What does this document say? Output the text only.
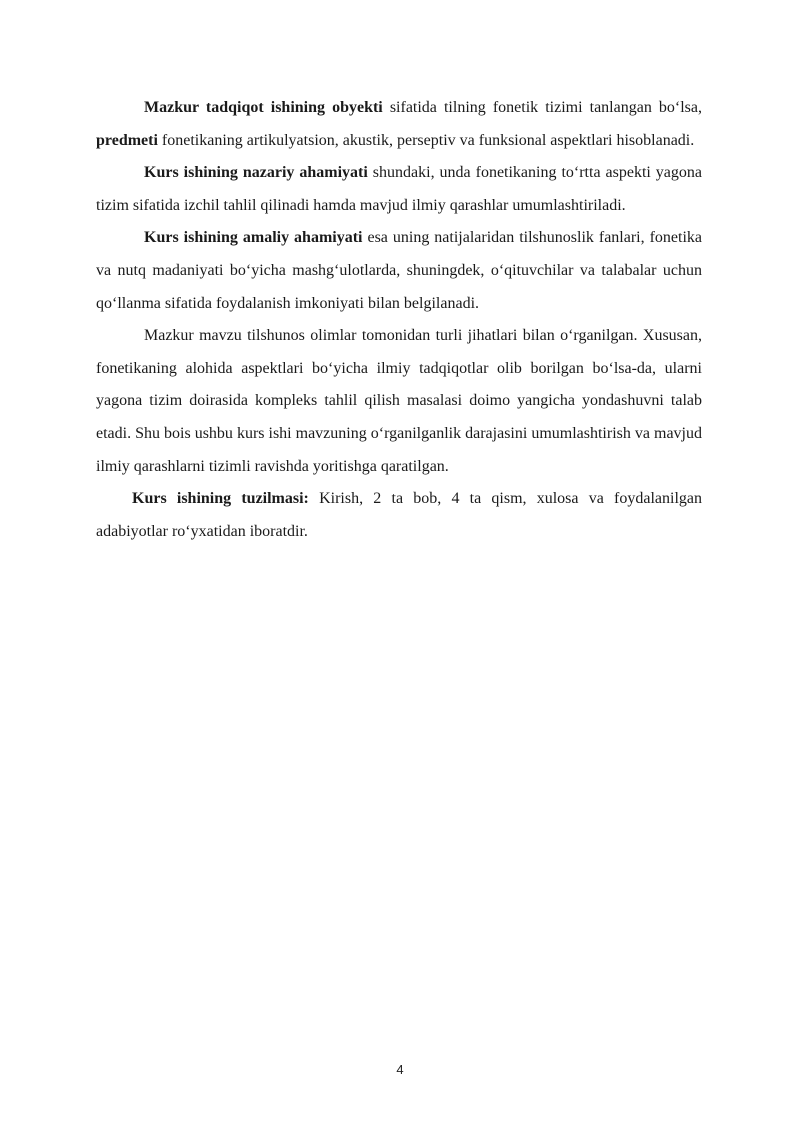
Mazkur tadqiqot ishining obyekti sifatida tilning fonetik tizimi tanlangan bo‘lsa, predmeti fonetikaning artikulyatsion, akustik, perseptiv va funksional aspektlari hisoblanadi.

Kurs ishining nazariy ahamiyati shundaki, unda fonetikaning to‘rtta aspekti yagona tizim sifatida izchil tahlil qilinadi hamda mavjud ilmiy qarashlar umumlashtiriladi.

Kurs ishining amaliy ahamiyati esa uning natijalaridan tilshunoslik fanlari, fonetika va nutq madaniyati bo‘yicha mashg‘ulotlarda, shuningdek, o‘qituvchilar va talabalar uchun qo‘llanma sifatida foydalanish imkoniyati bilan belgilanadi.

Mazkur mavzu tilshunos olimlar tomonidan turli jihatlari bilan o‘rganilgan. Xususan, fonetikaning alohida aspektlari bo‘yicha ilmiy tadqiqotlar olib borilgan bo‘lsa-da, ularni yagona tizim doirasida kompleks tahlil qilish masalasi doimo yangicha yondashuvni talab etadi. Shu bois ushbu kurs ishi mavzuning o‘rganilganlik darajasini umumlashtirish va mavjud ilmiy qarashlarni tizimli ravishda yoritishga qaratilgan.

Kurs ishining tuzilmasi: Kirish, 2 ta bob, 4 ta qism, xulosa va foydalanilgan adabiyotlar ro‘yxatidan iboratdir.

4
